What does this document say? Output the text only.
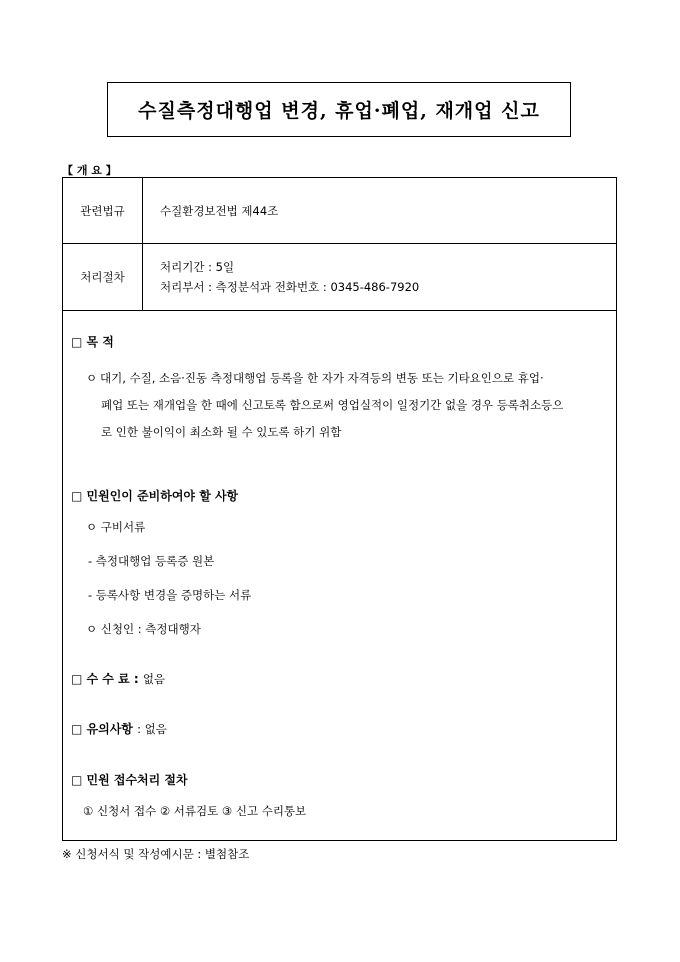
수질측정대행업 변경, 휴업·폐업, 재개업 신고
【 개 요 】
관련법규	수질환경보전법 제44조
처리절차
처리기간 : 5일
처리부서 : 측정분석과 전화번호 : 0345-486-7920
□ 목 적
ㅇ 대기, 수질, 소음·진동 측정대행업 등록을 한 자가 자격등의 변동 또는 기타요인으로 휴업·
폐업 또는 재개업을 한 때에 신고토록 함으로써 영업실적이 일정기간 없을 경우 등록취소등으
로 인한 불이익이 최소화 될 수 있도록 하기 위함
□ 민원인이 준비하여야 할 사항
ㅇ 구비서류
- 측정대행업 등록증 원본
- 등록사항 변경을 증명하는 서류
ㅇ 신청인 : 측정대행자
□ 수 수 료 : 없음
□ 유의사항 : 없음
□ 민원 접수처리 절차
① 신청서 접수 ② 서류검토 ③ 신고 수리통보
※ 신청서식 및 작성예시문 : 별첨참조
